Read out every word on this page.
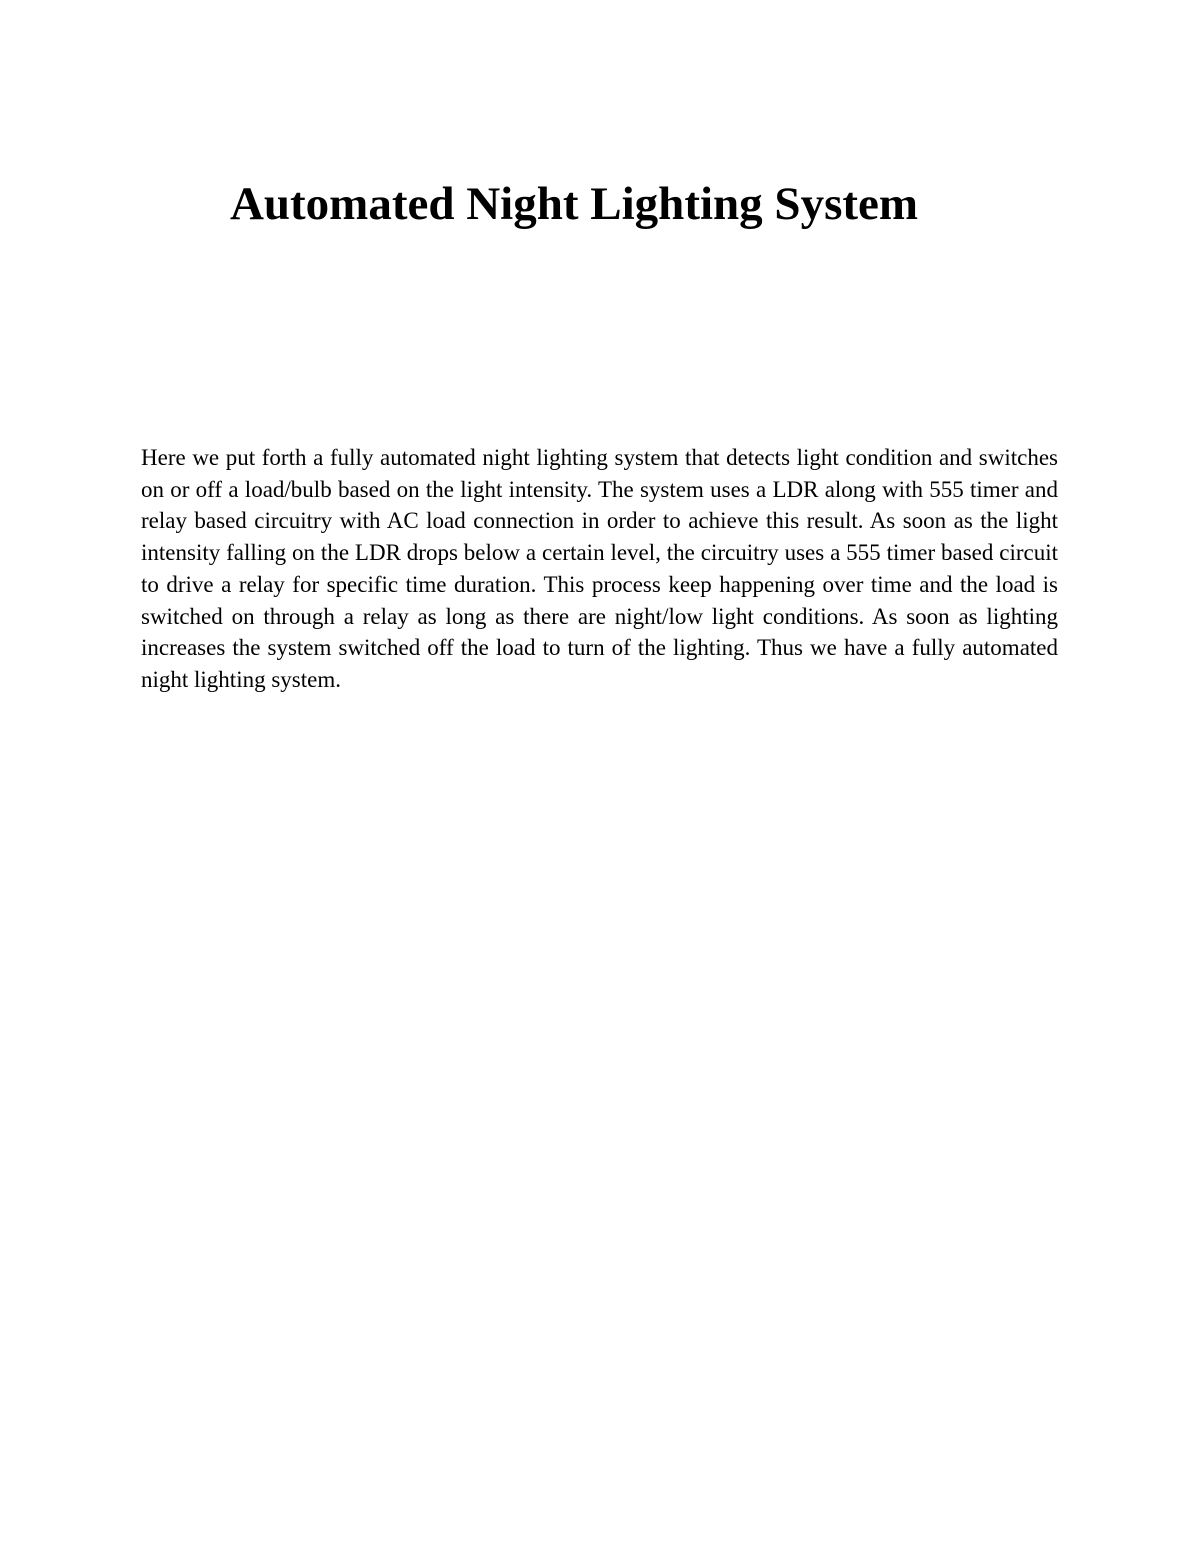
Automated Night Lighting System

Here we put forth a fully automated night lighting system that detects light condition and switches on or off a load/bulb based on the light intensity. The system uses a LDR along with 555 timer and relay based circuitry with AC load connection in order to achieve this result. As soon as the light intensity falling on the LDR drops below a certain level, the circuitry uses a 555 timer based circuit to drive a relay for specific time duration. This process keep happening over time and the load is switched on through a relay as long as there are night/low light conditions. As soon as lighting increases the system switched off the load to turn of the lighting. Thus we have a fully automated night lighting system.
